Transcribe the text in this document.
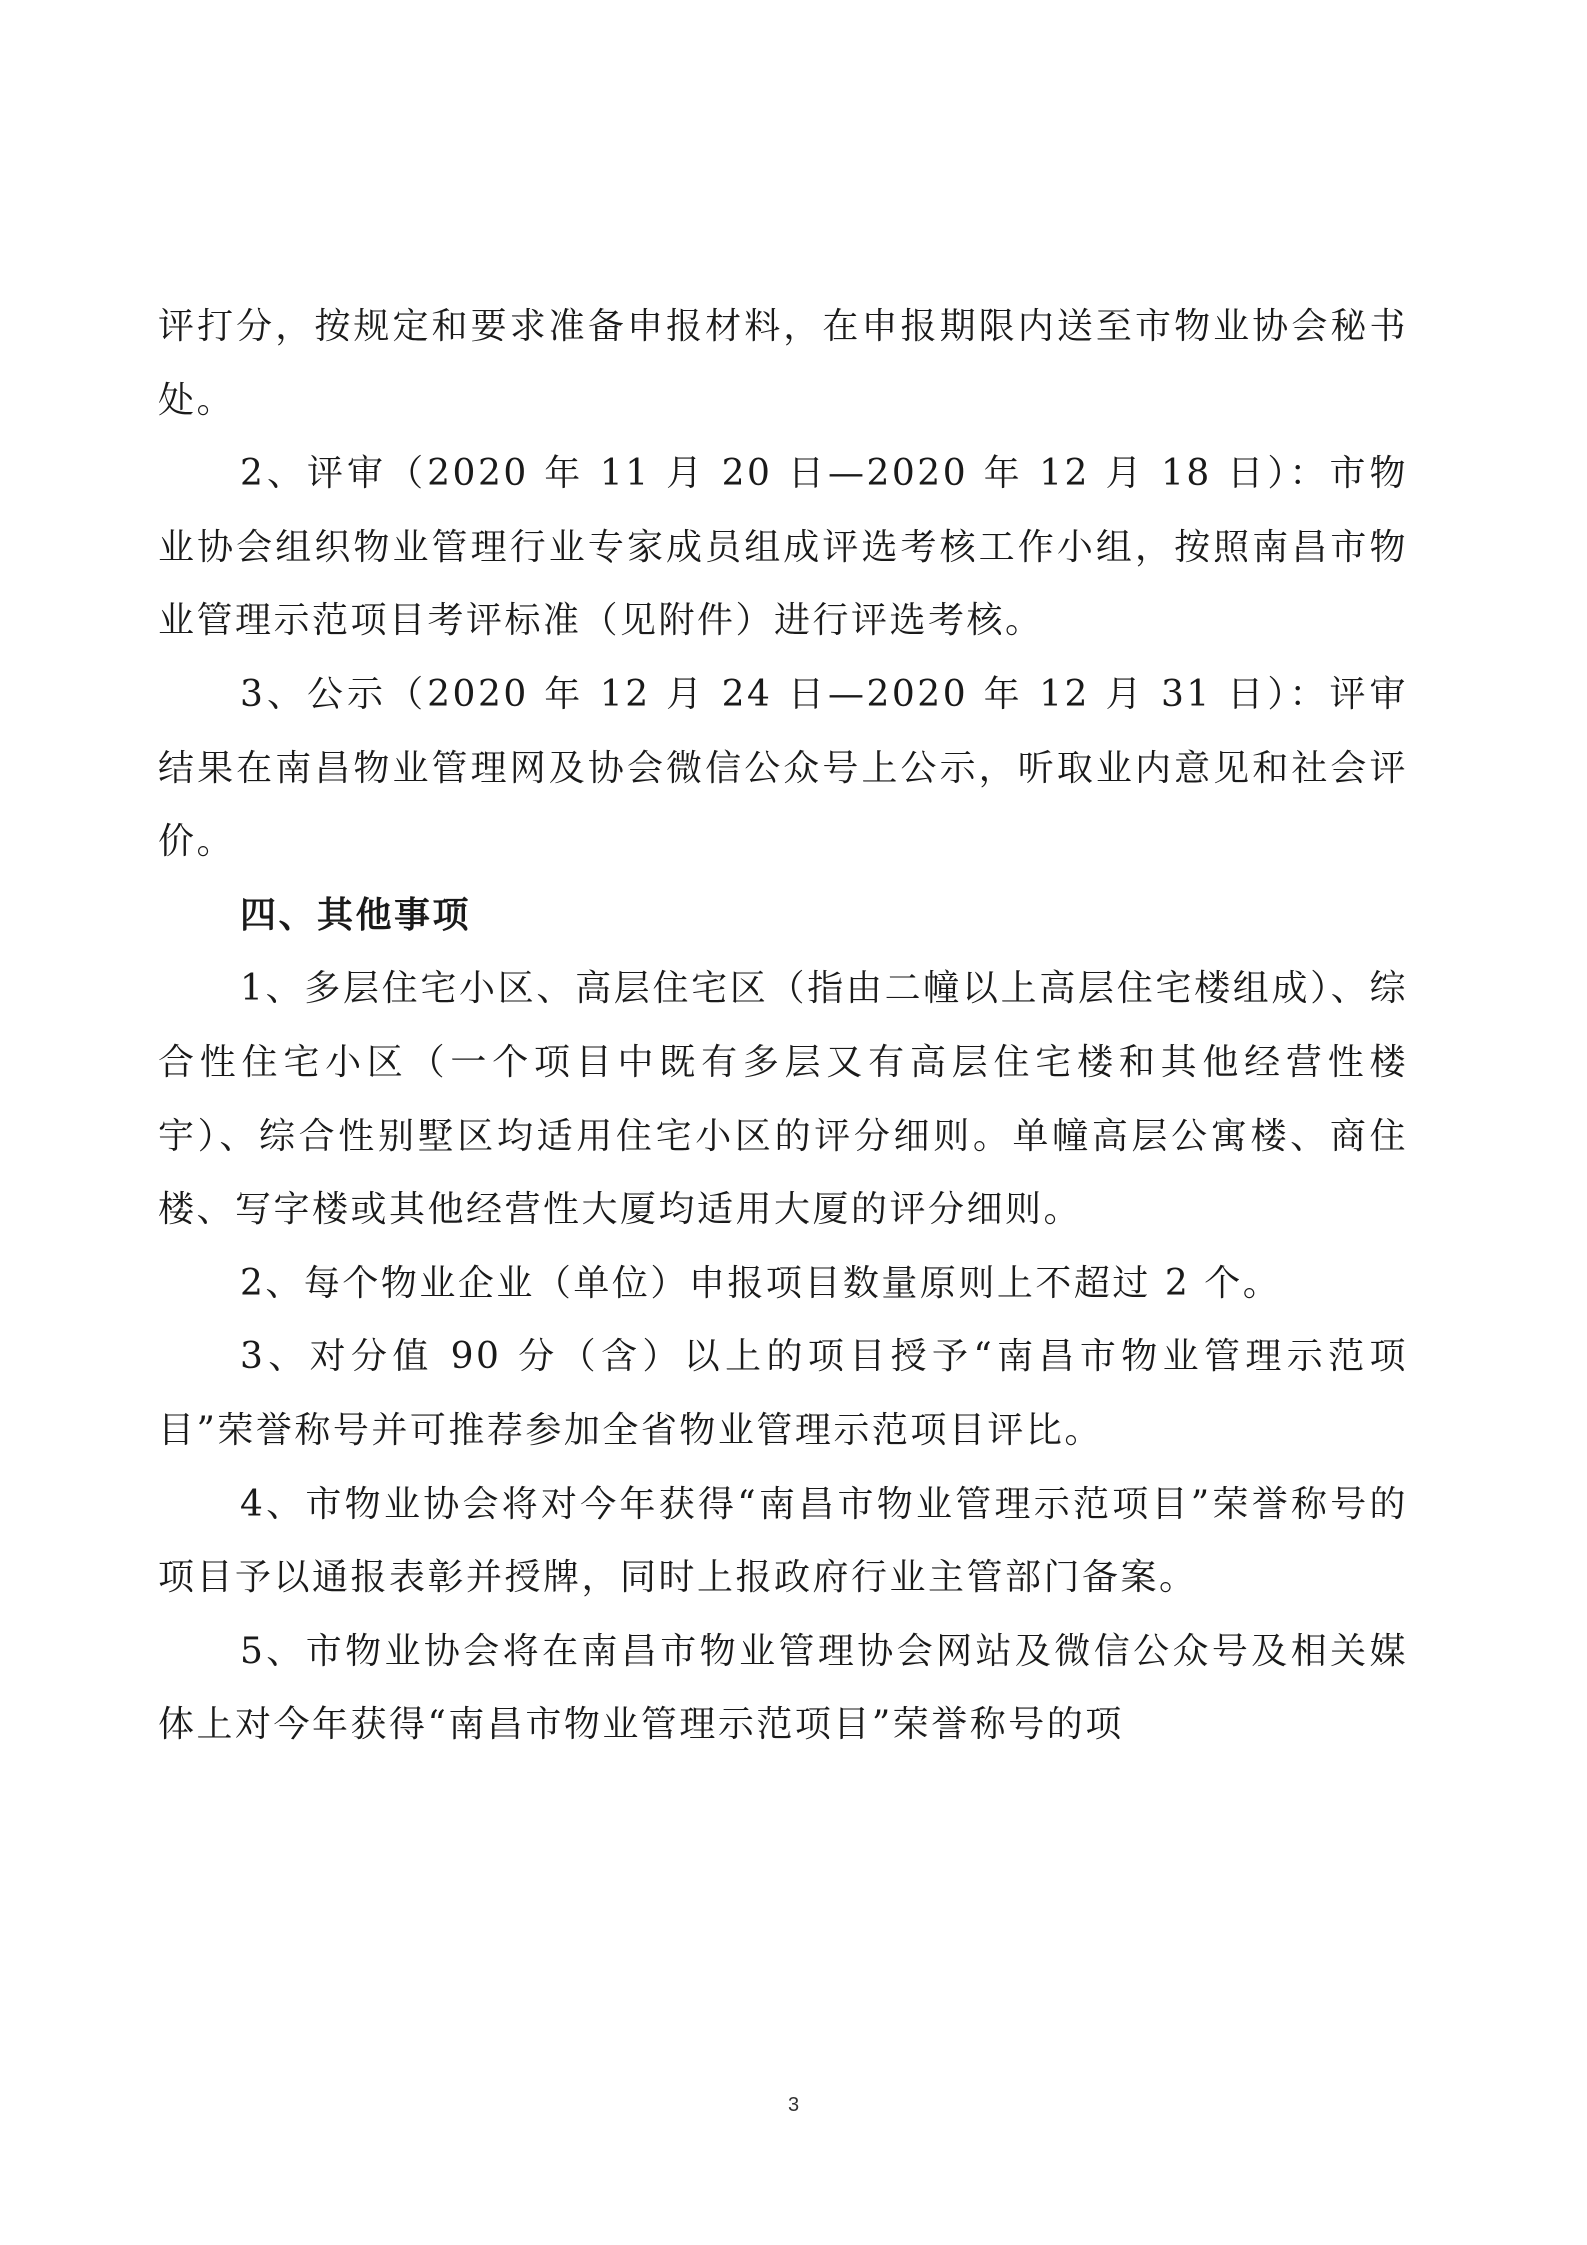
评打分，按规定和要求准备申报材料，在申报期限内送至市物业协会秘书处。

2、评审（2020 年 11 月 20 日—2020 年 12 月 18 日）：市物业协会组织物业管理行业专家成员组成评选考核工作小组，按照南昌市物业管理示范项目考评标准（见附件）进行评选考核。

3、公示（2020 年 12 月 24 日—2020 年 12 月 31 日）：评审结果在南昌物业管理网及协会微信公众号上公示，听取业内意见和社会评价。

四、其他事项

1、多层住宅小区、高层住宅区（指由二幢以上高层住宅楼组成）、综合性住宅小区（一个项目中既有多层又有高层住宅楼和其他经营性楼宇）、综合性别墅区均适用住宅小区的评分细则。单幢高层公寓楼、商住楼、写字楼或其他经营性大厦均适用大厦的评分细则。

2、每个物业企业（单位）申报项目数量原则上不超过 2 个。

3、对分值 90 分（含）以上的项目授予“南昌市物业管理示范项目”荣誉称号并可推荐参加全省物业管理示范项目评比。

4、市物业协会将对今年获得“南昌市物业管理示范项目”荣誉称号的项目予以通报表彰并授牌，同时上报政府行业主管部门备案。

5、市物业协会将在南昌市物业管理协会网站及微信公众号及相关媒体上对今年获得“南昌市物业管理示范项目”荣誉称号的项

3
